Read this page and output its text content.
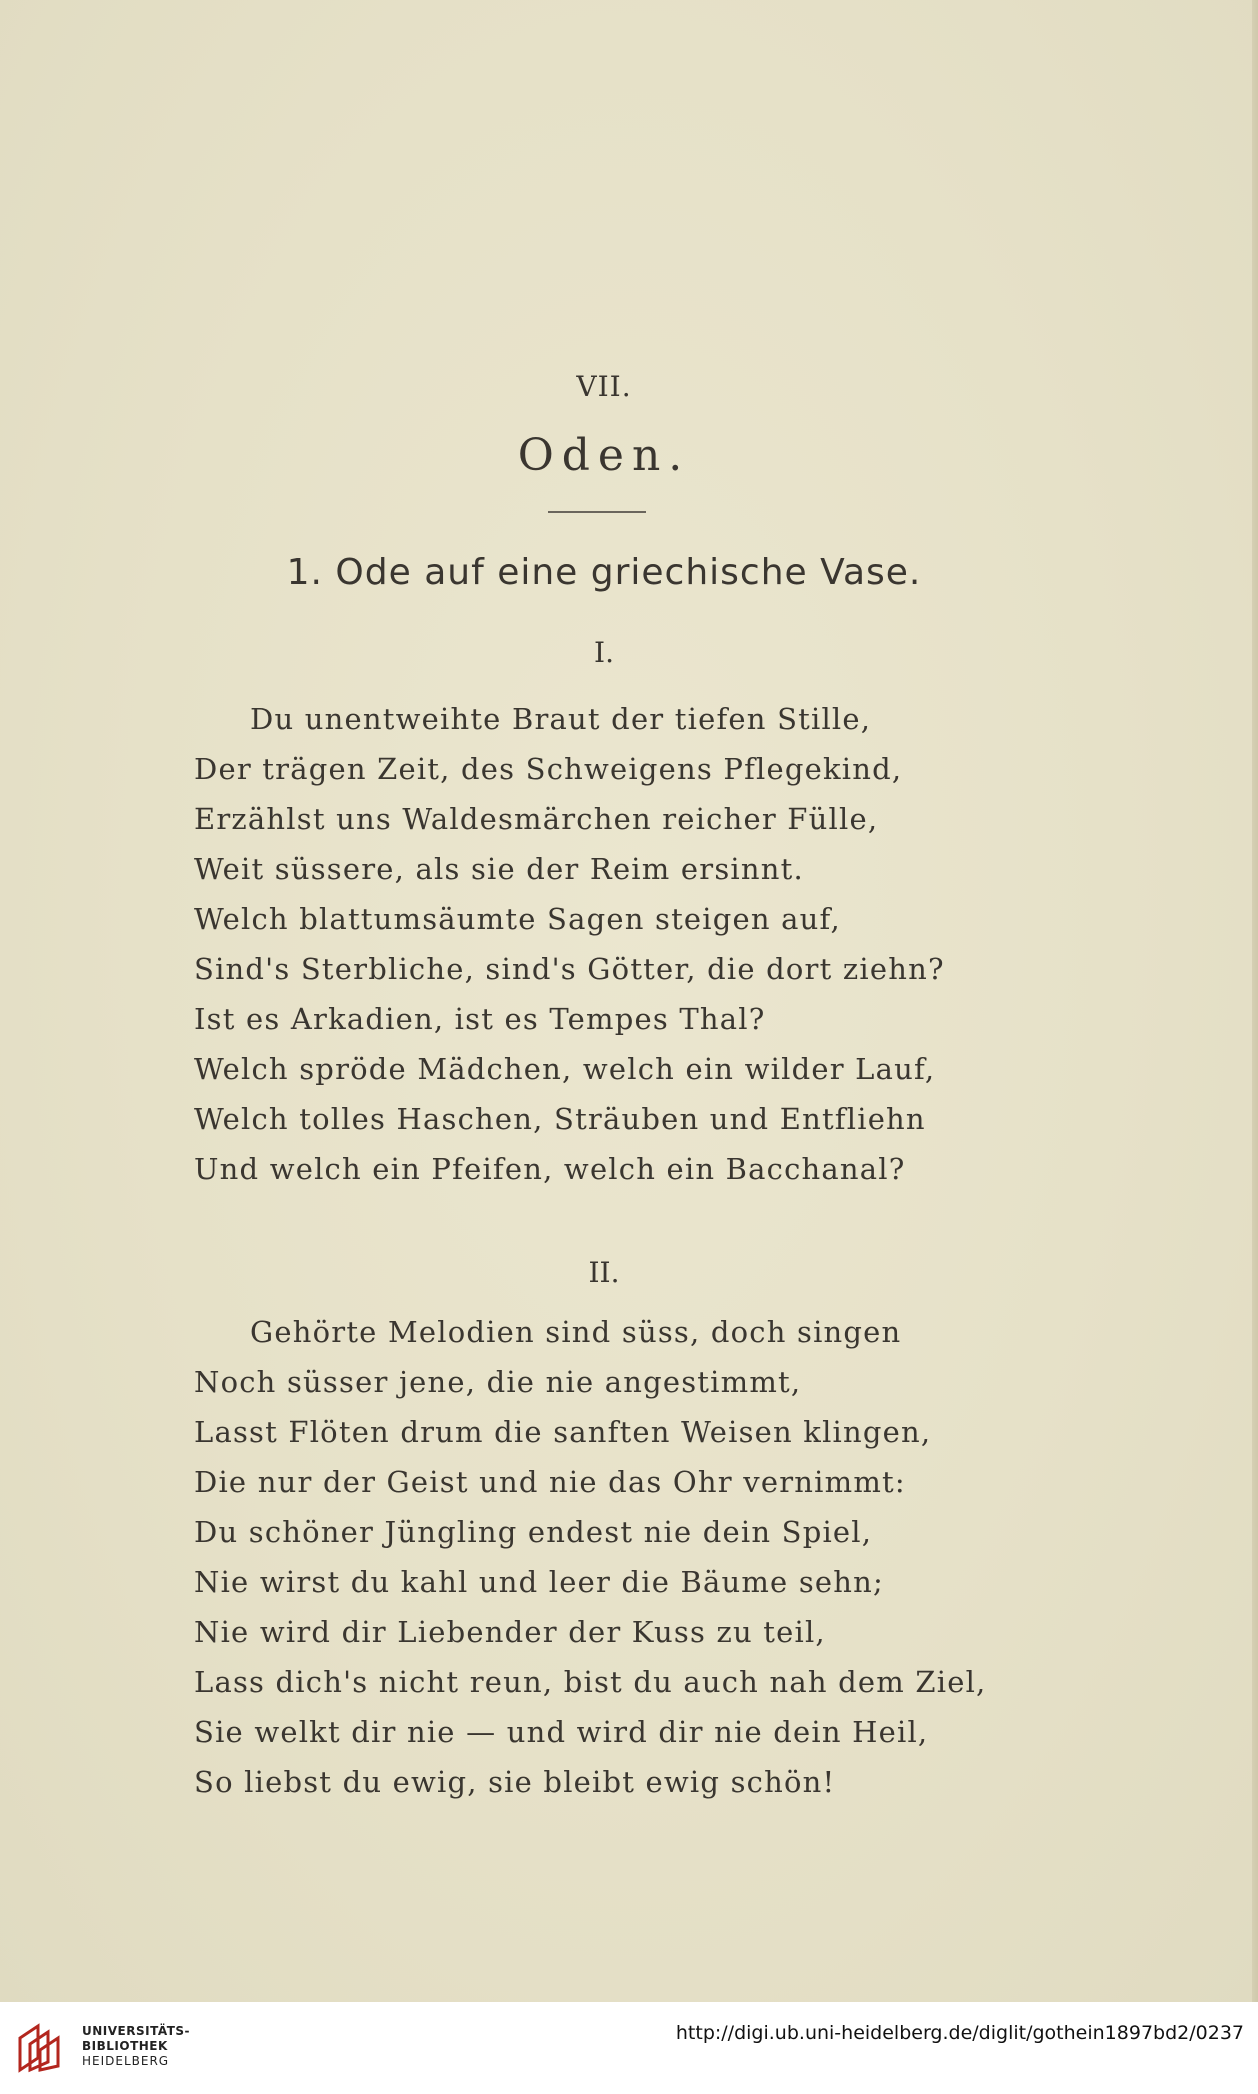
VII.
Oden.
1. Ode auf eine griechische Vase.
I.
Du unentweihte Braut der tiefen Stille,
Der trägen Zeit, des Schweigens Pflegekind,
Erzählst uns Waldesmärchen reicher Fülle,
Weit süssere, als sie der Reim ersinnt.
Welch blattumsäumte Sagen steigen auf,
Sind's Sterbliche, sind's Götter, die dort ziehn?
Ist es Arkadien, ist es Tempes Thal?
Welch spröde Mädchen, welch ein wilder Lauf,
Welch tolles Haschen, Sträuben und Entfliehn
Und welch ein Pfeifen, welch ein Bacchanal?
II.
Gehörte Melodien sind süss, doch singen
Noch süsser jene, die nie angestimmt,
Lasst Flöten drum die sanften Weisen klingen,
Die nur der Geist und nie das Ohr vernimmt:
Du schöner Jüngling endest nie dein Spiel,
Nie wirst du kahl und leer die Bäume sehn;
Nie wird dir Liebender der Kuss zu teil,
Lass dich's nicht reun, bist du auch nah dem Ziel,
Sie welkt dir nie — und wird dir nie dein Heil,
So liebst du ewig, sie bleibt ewig schön!
UNIVERSITÄTS-
BIBLIOTHEK
HEIDELBERG
http://digi.ub.uni-heidelberg.de/diglit/gothein1897bd2/0237
